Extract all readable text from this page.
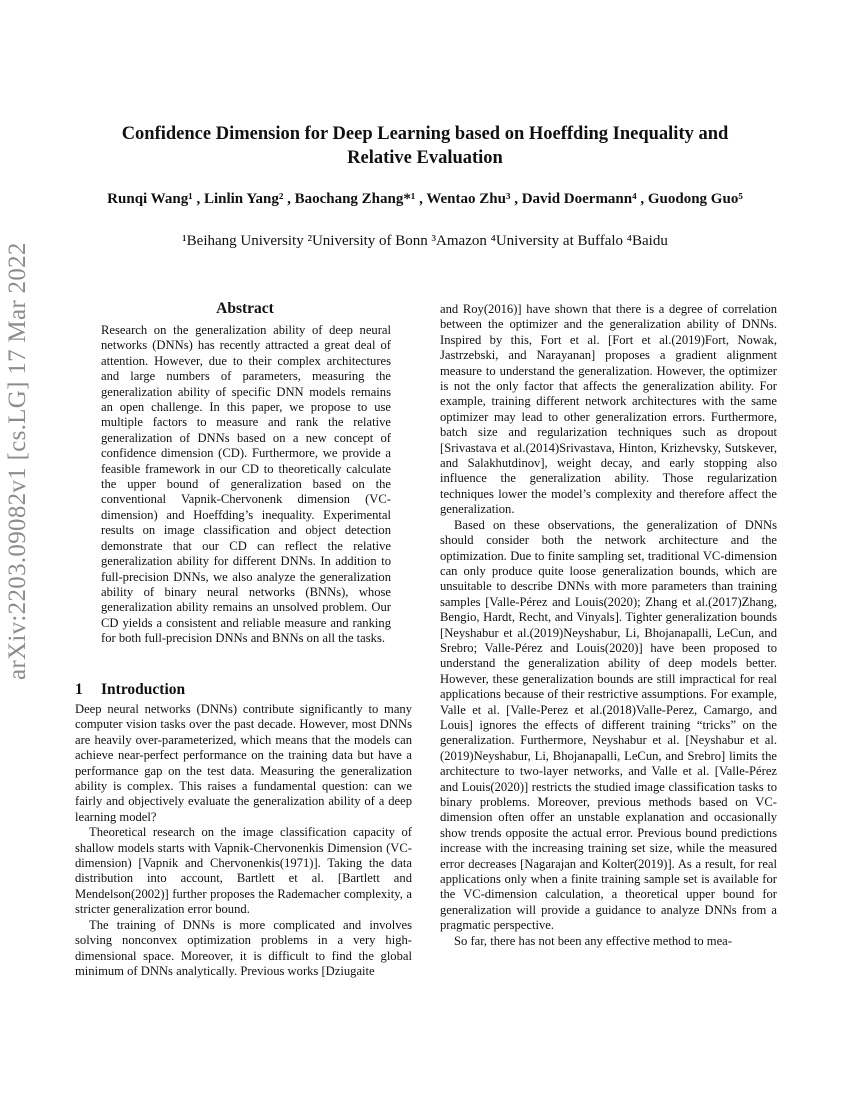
arXiv:2203.09082v1 [cs.LG] 17 Mar 2022
Confidence Dimension for Deep Learning based on Hoeffding Inequality and Relative Evaluation
Runqi Wang¹ , Linlin Yang² , Baochang Zhang*¹ , Wentao Zhu³ , David Doermann⁴ , Guodong Guo⁵
¹Beihang University ²University of Bonn ³Amazon ⁴University at Buffalo ⁴Baidu
Abstract

Research on the generalization ability of deep neural networks (DNNs) has recently attracted a great deal of attention. However, due to their complex architectures and large numbers of parameters, measuring the generalization ability of specific DNN models remains an open challenge. In this paper, we propose to use multiple factors to measure and rank the relative generalization of DNNs based on a new concept of confidence dimension (CD). Furthermore, we provide a feasible framework in our CD to theoretically calculate the upper bound of generalization based on the conventional Vapnik-Chervonenk dimension (VC-dimension) and Hoeffding’s inequality. Experimental results on image classification and object detection demonstrate that our CD can reflect the relative generalization ability for different DNNs. In addition to full-precision DNNs, we also analyze the generalization ability of binary neural networks (BNNs), whose generalization ability remains an unsolved problem. Our CD yields a consistent and reliable measure and ranking for both full-precision DNNs and BNNs on all the tasks.

1 Introduction

Deep neural networks (DNNs) contribute significantly to many computer vision tasks over the past decade. However, most DNNs are heavily over-parameterized, which means that the models can achieve near-perfect performance on the training data but have a performance gap on the test data. Measuring the generalization ability is complex. This raises a fundamental question: can we fairly and objectively evaluate the generalization ability of a deep learning model?

Theoretical research on the image classification capacity of shallow models starts with Vapnik-Chervonenkis Dimension (VC-dimension) [Vapnik and Chervonenkis(1971)]. Taking the data distribution into account, Bartlett et al. [Bartlett and Mendelson(2002)] further proposes the Rademacher complexity, a stricter generalization error bound.

The training of DNNs is more complicated and involves solving nonconvex optimization problems in a very high-dimensional space. Moreover, it is difficult to find the global minimum of DNNs analytically. Previous works [Dziugaite

and Roy(2016)] have shown that there is a degree of correlation between the optimizer and the generalization ability of DNNs. Inspired by this, Fort et al. [Fort et al.(2019)Fort, Nowak, Jastrzebski, and Narayanan] proposes a gradient alignment measure to understand the generalization. However, the optimizer is not the only factor that affects the generalization ability. For example, training different network architectures with the same optimizer may lead to other generalization errors. Furthermore, batch size and regularization techniques such as dropout [Srivastava et al.(2014)Srivastava, Hinton, Krizhevsky, Sutskever, and Salakhutdinov], weight decay, and early stopping also influence the generalization ability. Those regularization techniques lower the model’s complexity and therefore affect the generalization.

Based on these observations, the generalization of DNNs should consider both the network architecture and the optimization. Due to finite sampling set, traditional VC-dimension can only produce quite loose generalization bounds, which are unsuitable to describe DNNs with more parameters than training samples [Valle-Pérez and Louis(2020); Zhang et al.(2017)Zhang, Bengio, Hardt, Recht, and Vinyals]. Tighter generalization bounds [Neyshabur et al.(2019)Neyshabur, Li, Bhojanapalli, LeCun, and Srebro; Valle-Pérez and Louis(2020)] have been proposed to understand the generalization ability of deep models better. However, these generalization bounds are still impractical for real applications because of their restrictive assumptions. For example, Valle et al. [Valle-Perez et al.(2018)Valle-Perez, Camargo, and Louis] ignores the effects of different training “tricks” on the generalization. Furthermore, Neyshabur et al. [Neyshabur et al.(2019)Neyshabur, Li, Bhojanapalli, LeCun, and Srebro] limits the architecture to two-layer networks, and Valle et al. [Valle-Pérez and Louis(2020)] restricts the studied image classification tasks to binary problems. Moreover, previous methods based on VC-dimension often offer an unstable explanation and occasionally show trends opposite the actual error. Previous bound predictions increase with the increasing training set size, while the measured error decreases [Nagarajan and Kolter(2019)]. As a result, for real applications only when a finite training sample set is available for the VC-dimension calculation, a theoretical upper bound for generalization will provide a guidance to analyze DNNs from a pragmatic perspective.

So far, there has not been any effective method to mea-
